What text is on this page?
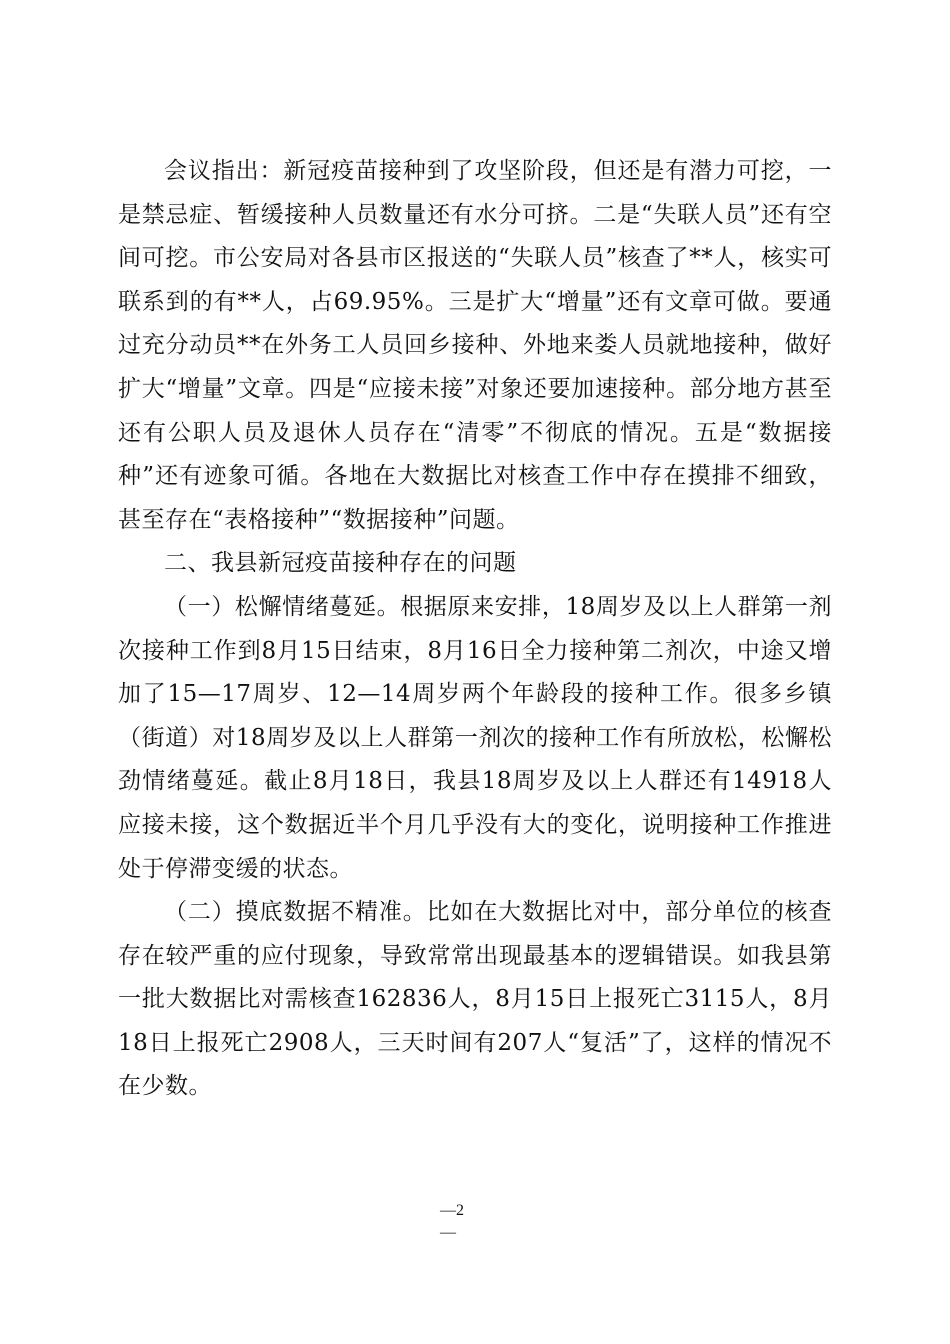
会议指出：新冠疫苗接种到了攻坚阶段，但还是有潜力可挖，一是禁忌症、暂缓接种人员数量还有水分可挤。二是“失联人员”还有空间可挖。市公安局对各县市区报送的“失联人员”核查了**人，核实可联系到的有**人，占69.95%。三是扩大“增量”还有文章可做。要通过充分动员**在外务工人员回乡接种、外地来娄人员就地接种，做好扩大“增量”文章。四是“应接未接”对象还要加速接种。部分地方甚至还有公职人员及退休人员存在“清零”不彻底的情况。五是“数据接种”还有迹象可循。各地在大数据比对核查工作中存在摸排不细致，甚至存在“表格接种”“数据接种”问题。

二、我县新冠疫苗接种存在的问题

（一）松懈情绪蔓延。根据原来安排，18周岁及以上人群第一剂次接种工作到8月15日结束，8月16日全力接种第二剂次，中途又增加了15—17周岁、12—14周岁两个年龄段的接种工作。很多乡镇（街道）对18周岁及以上人群第一剂次的接种工作有所放松，松懈松劲情绪蔓延。截止8月18日，我县18周岁及以上人群还有14918人应接未接，这个数据近半个月几乎没有大的变化，说明接种工作推进处于停滞变缓的状态。

（二）摸底数据不精准。比如在大数据比对中，部分单位的核查存在较严重的应付现象，导致常常出现最基本的逻辑错误。如我县第一批大数据比对需核查162836人，8月15日上报死亡3115人，8月18日上报死亡2908人，三天时间有207人“复活”了，这样的情况不在少数。

—2
—
